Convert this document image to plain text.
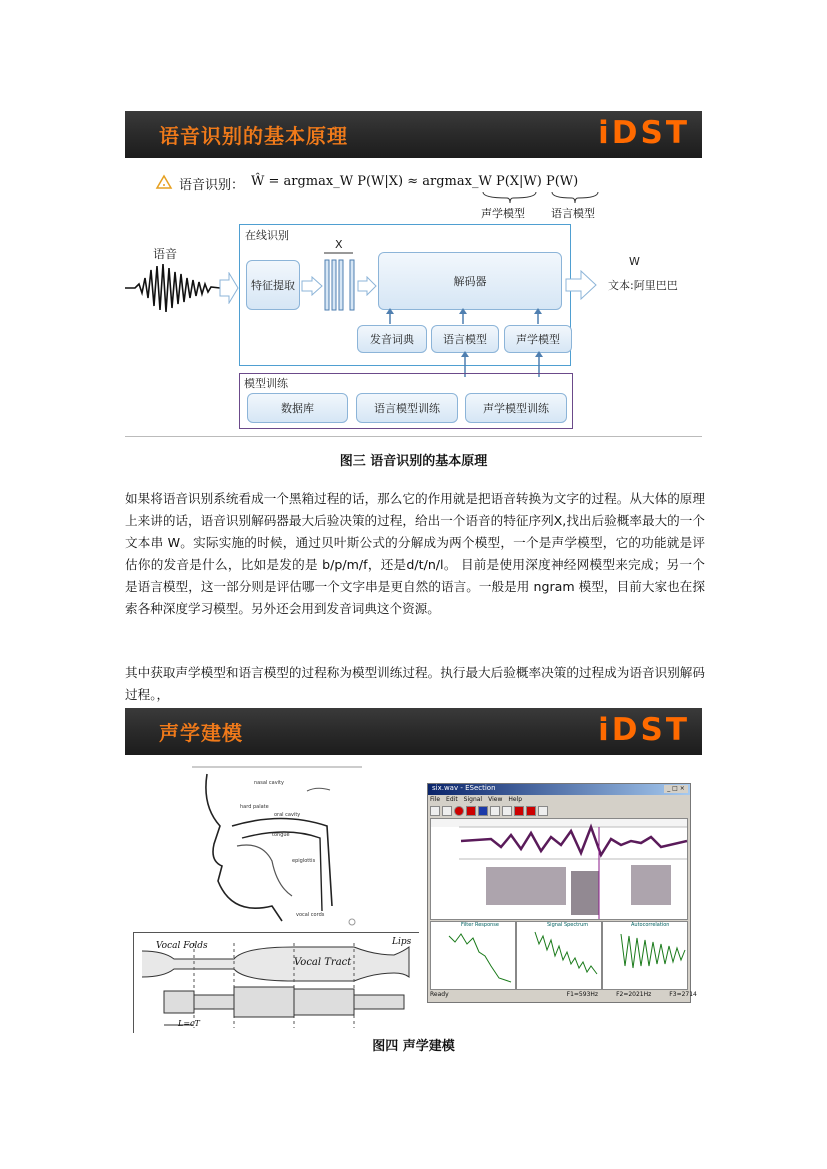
语音识别的基本原理	iDST
语音识别： Ŵ = argmax_W P(W|X) ≈ argmax_W P(X|W) P(W)
声学模型 语言模型
语音
在线识别
特征提取
X
解码器
发音词典	语言模型	声学模型
W
文本:阿里巴巴
模型训练
数据库	语言模型训练	声学模型训练
图三 语音识别的基本原理

如果将语音识别系统看成一个黑箱过程的话，那么它的作用就是把语音转换为文字的过程。从大体的原理上来讲的话，语音识别解码器最大后验决策的过程，给出一个语音的特征序列X,找出后验概率最大的一个文本串 W。实际实施的时候，通过贝叶斯公式的分解成为两个模型，一个是声学模型，它的功能就是评估你的发音是什么，比如是发的是 b/p/m/f，还是d/t/n/l。 目前是使用深度神经网模型来完成；另一个是语言模型，这一部分则是评估哪一个文字串是更自然的语言。一般是用 ngram 模型，目前大家也在探索各种深度学习模型。另外还会用到发音词典这个资源。

其中获取声学模型和语言模型的过程称为模型训练过程。执行最大后验概率决策的过程成为语音识别解码过程。，

声学建模	iDST
nasal cavity
hard palate
oral cavity
tongue
epiglottis
vocal cords
Vocal Folds
Vocal Tract
Lips
L=cT
six.wav - ESection	_ □ ×
File Edit Signal View Help
Filter Response	Signal Spectrum	Autocorrelation
Ready	F1=593Hz	F2=2021Hz	F3=2714
图四 声学建模
